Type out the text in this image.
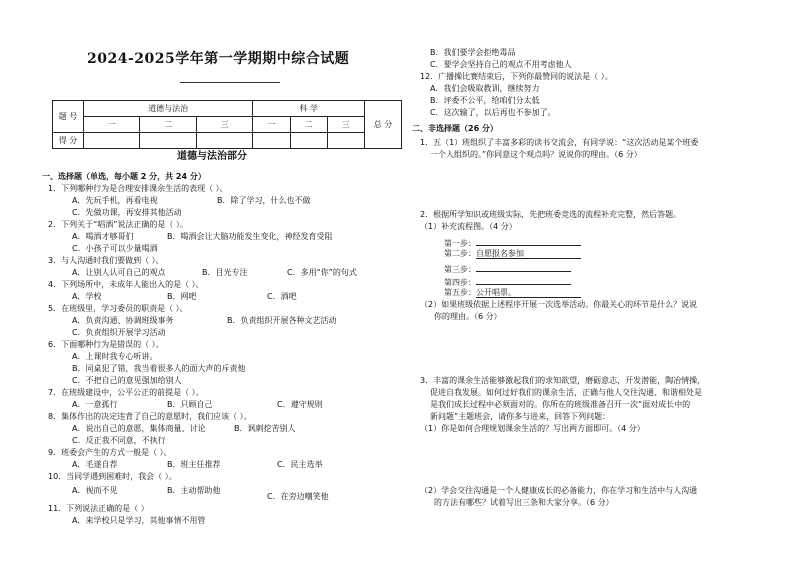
2024-2025学年第一学期期中综合试题
题 号	道德与法治			科 学			总 分
	一	二	三	一	二	三	
得 分							
道德与法治部分
一、选择题（单选，每小题 2 分，共 24 分）
1．下列哪种行为是合理安排课余生活的表现（ ）。
A．先玩手机，再看电视	B．除了学习，什么也不做
C．先做功课，再安排其他活动
2．下列关于“唱酒”说法正确的是（ ）。
A．喝酒才够哥们	B．喝酒会让大脑功能发生变化，神经发育受阻
C．小孩子可以少量喝酒
3．与人沟通时我们要做到（ ）。
A．让别人认可自己的观点	B．目光专注	C．多用“你”的句式
4．下列场所中，未成年人能出入的是（ ）。
A．学校	B．网吧	C．酒吧
5．在班级里，学习委员的职责是（ ）。
A．负责沟通、协调班级事务	B．负责组织开展各种文艺活动
C．负责组织开展学习活动
6．下面哪种行为是错误的（ ）。
A．上课时我专心听讲。
B．同桌犯了错，我当着很多人的面大声的斥责他
C．不把自己的意见强加给别人
7．在班级建设中，公平公正的前提是（ ）。
A．一意孤行	B．只顾自己	C．遵守规则
8．集体作出的决定违背了自己的意愿时，我们应该（ ）。
A．说出自己的意愿，集体商量、讨论	B．讽刺挖苦别人
C．反正我不同意，不执行
9．班委会产生的方式一般是（ ）。
A．毛遂自荐	B．班主任推荐	C．民主选举
10．当同学遇到困难时，我会（ ）。
A．视而不见	B．主动帮助他
C．在旁边嘲笑他
11．下列说法正确的是（ ）
A．来学校只是学习，其他事情不用管
B．我们要学会拒绝毒品
C．要学会坚持自己的观点不用考虑他人
12．广播操比赛结束后，下列你最赞同的说法是（ ）。
A．我们会吸取教训，继续努力
B．评委不公平，给咱们分太低
C．这次输了，以后再也不参加了。
二、非选择题（26 分）
1．五（1）班组织了丰富多彩的读书交流会，有同学说：“这次活动是某个班委
一个人组织的。”你同意这个观点吗？说说你的理由。（6 分）
2．根据所学知识或班级实际，先把班委竞选的流程补充完整，然后答题。
（1）补充流程图。（4 分）
第一步：
第二步：自愿报名参加
第三步：
第四步：
第五步：公开唱票。
（2）如果班级依据上述程序开展一次选举活动。你最关心的环节是什么？说说
你的理由。（6 分）
3．丰富的课余生活能够激起我们的求知欲望，磨砺意志，开发潜能，陶冶情操，
促进自我发展。如何过好我们的课余生活，正确与他人交往沟通、和谐相处是
是我们成长过程中必须面对的。你所在的班级准备召开一次“面对成长中的
新问题”主题班会，请你多与进来，回答下列问题：
（1）你是如何合理规划课余生活的？写出两方面即可。（4 分）
（2）学会交往沟通是一个人健康成长的必备能力，你在学习和生活中与人沟通
的方法有哪些？试着写出三条和大家分享。（6 分）
